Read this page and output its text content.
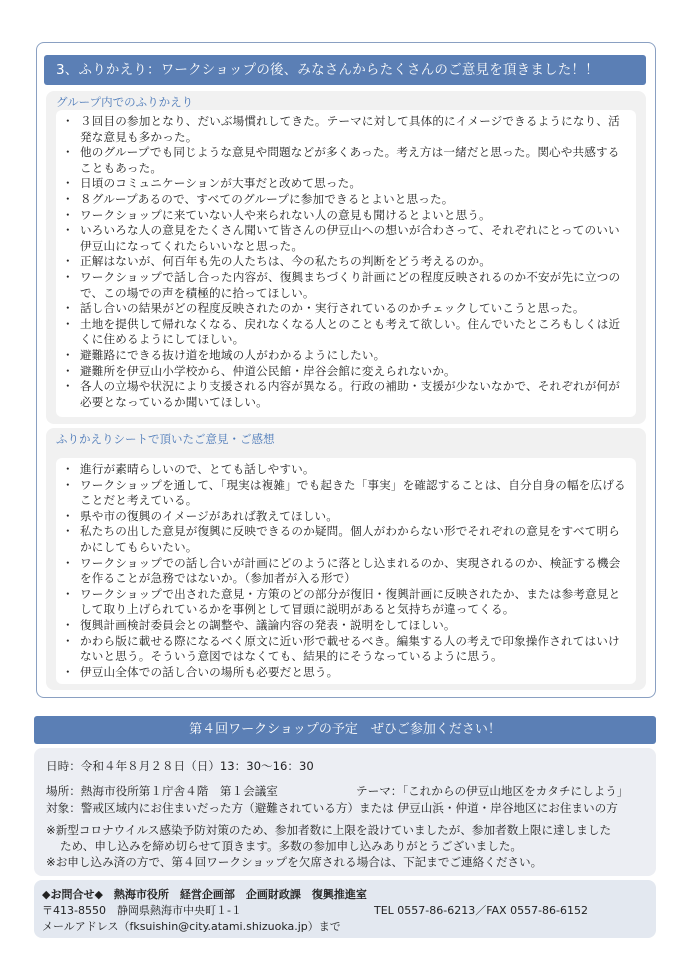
3、ふりかえり：ワークショップの後、みなさんからたくさんのご意見を頂きました！！
グループ内でのふりかえり
・ ３回目の参加となり、だいぶ場慣れしてきた。テーマに対して具体的にイメージできるようになり、活発な意見も多かった。
・ 他のグループでも同じような意見や問題などが多くあった。考え方は一緒だと思った。関心や共感することもあった。
・ 日頃のコミュニケーションが大事だと改めて思った。
・ ８グループあるので、すべてのグループに参加できるとよいと思った。
・ ワークショップに来ていない人や来られない人の意見も聞けるとよいと思う。
・ いろいろな人の意見をたくさん聞いて皆さんの伊豆山への想いが合わさって、それぞれにとってのいい伊豆山になってくれたらいいなと思った。
・ 正解はないが、何百年も先の人たちは、今の私たちの判断をどう考えるのか。
・ ワークショップで話し合った内容が、復興まちづくり計画にどの程度反映されるのか不安が先に立つので、この場での声を積極的に拾ってほしい。
・ 話し合いの結果がどの程度反映されたのか・実行されているのかチェックしていこうと思った。
・ 土地を提供して帰れなくなる、戻れなくなる人とのことも考えて欲しい。住んでいたところもしくは近くに住めるようにしてほしい。
・ 避難路にできる抜け道を地域の人がわかるようにしたい。
・ 避難所を伊豆山小学校から、仲道公民館・岸谷会館に変えられないか。
・ 各人の立場や状況により支援される内容が異なる。行政の補助・支援が少ないなかで、それぞれが何が必要となっているか聞いてほしい。
ふりかえりシートで頂いたご意見・ご感想
・ 進行が素晴らしいので、とても話しやすい。
・ ワークショップを通して、「現実は複雑」でも起きた「事実」を確認することは、自分自身の幅を広げることだと考えている。
・ 県や市の復興のイメージがあれば教えてほしい。
・ 私たちの出した意見が復興に反映できるのか疑問。個人がわからない形でそれぞれの意見をすべて明らかにしてもらいたい。
・ ワークショップでの話し合いが計画にどのように落とし込まれるのか、実現されるのか、検証する機会を作ることが急務ではないか。（参加者が入る形で）
・ ワークショップで出された意見・方策のどの部分が復旧・復興計画に反映されたか、または参考意見として取り上げられているかを事例として冒頭に説明があると気持ちが違ってくる。
・ 復興計画検討委員会との調整や、議論内容の発表・説明をしてほしい。
・ かわら版に載せる際になるべく原文に近い形で載せるべき。編集する人の考えで印象操作されてはいけないと思う。そういう意図ではなくても、結果的にそうなっているように思う。
・ 伊豆山全体での話し合いの場所も必要だと思う。
第４回ワークショップの予定　ぜひご参加ください！
日時：令和４年８月２８日（日）13：30〜16：30
場所：熱海市役所第１庁舎４階　第１会議室	テーマ：「これからの伊豆山地区をカタチにしよう」
対象：警戒区域内にお住まいだった方（避難されている方）または 伊豆山浜・仲道・岸谷地区にお住まいの方
※新型コロナウイルス感染予防対策のため、参加者数に上限を設けていましたが、参加者数上限に達しました
ため、申し込みを締め切らせて頂きます。多数の参加申し込みありがとうございました。
※お申し込み済の方で、第４回ワークショップを欠席される場合は、下記までご連絡ください。
◆お問合せ◆　熱海市役所　経営企画部　企画財政課　復興推進室
〒413-8550　静岡県熱海市中央町１-１	TEL 0557-86-6213／FAX 0557-86-6152
メールアドレス（fksuishin@city.atami.shizuoka.jp）まで
